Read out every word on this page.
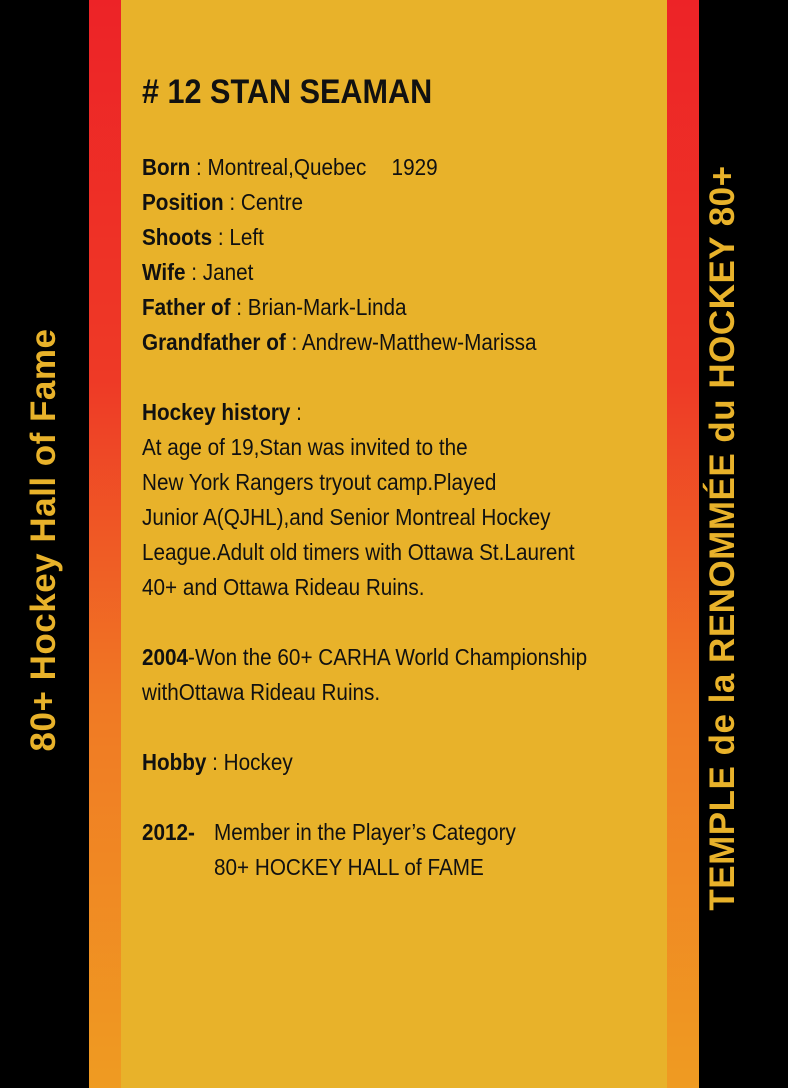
80+ Hockey Hall of Fame	TEMPLE de la RENOMMÉE du HOCKEY 80+
# 12 STAN SEAMAN
Born : Montreal,Quebec 1929
Position : Centre
Shoots : Left
Wife : Janet
Father of : Brian-Mark-Linda
Grandfather of : Andrew-Matthew-Marissa
Hockey history :
At age of 19,Stan was invited to the
New York Rangers tryout camp.Played
Junior A(QJHL),and Senior Montreal Hockey
League.Adult old timers with Ottawa St.Laurent
40+ and Ottawa Rideau Ruins.
2004-Won the 60+ CARHA World Championship
withOttawa Rideau Ruins.
Hobby : Hockey
2012- Member in the Player’s Category
80+ HOCKEY HALL of FAME
